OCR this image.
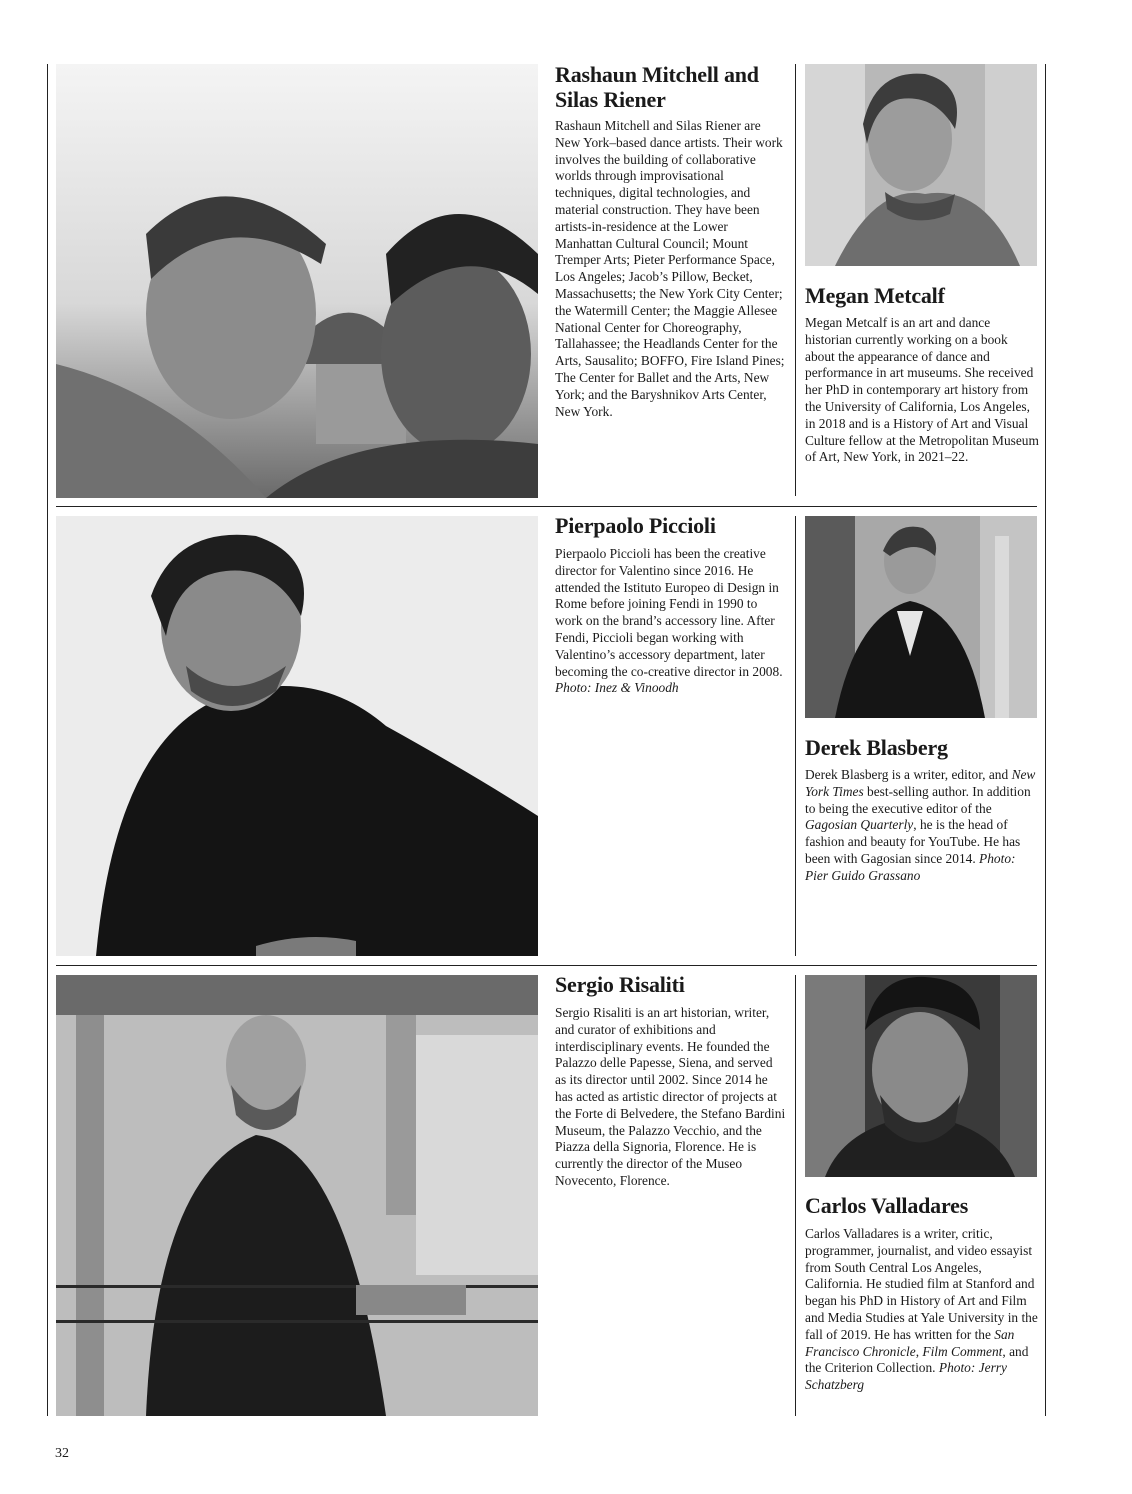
Rashaun Mitchell and Silas Riener

Rashaun Mitchell and Silas Riener are New York–based dance artists. Their work involves the building of collaborative worlds through improvisational techniques, digital technologies, and material construction. They have been artists-in-residence at the Lower Manhattan Cultural Council; Mount Tremper Arts; Pieter Performance Space, Los Angeles; Jacob’s Pillow, Becket, Massachusetts; the New York City Center; the Watermill Center; the Maggie Allesee National Center for Choreography, Tallahassee; the Headlands Center for the Arts, Sausalito; BOFFO, Fire Island Pines; The Center for Ballet and the Arts, New York; and the Baryshnikov Arts Center, New York.

Megan Metcalf

Megan Metcalf is an art and dance historian currently working on a book about the appearance of dance and performance in art museums. She received her PhD in contemporary art history from the University of California, Los Angeles, in 2018 and is a History of Art and Visual Culture fellow at the Metropolitan Museum of Art, New York, in 2021–22.

Pierpaolo Piccioli

Pierpaolo Piccioli has been the creative director for Valentino since 2016. He attended the Istituto Europeo di Design in Rome before joining Fendi in 1990 to work on the brand’s accessory line. After Fendi, Piccioli began working with Valentino’s accessory department, later becoming the co-creative director in 2008. Photo: Inez & Vinoodh

Derek Blasberg

Derek Blasberg is a writer, editor, and New York Times best-selling author. In addition to being the executive editor of the Gagosian Quarterly, he is the head of fashion and beauty for YouTube. He has been with Gagosian since 2014. Photo: Pier Guido Grassano

Sergio Risaliti

Sergio Risaliti is an art historian, writer, and curator of exhibitions and interdisciplinary events. He founded the Palazzo delle Papesse, Siena, and served as its director until 2002. Since 2014 he has acted as artistic director of projects at the Forte di Belvedere, the Stefano Bardini Museum, the Palazzo Vecchio, and the Piazza della Signoria, Florence. He is currently the director of the Museo Novecento, Florence.

Carlos Valladares

Carlos Valladares is a writer, critic, programmer, journalist, and video essayist from South Central Los Angeles, California. He studied film at Stanford and began his PhD in History of Art and Film and Media Studies at Yale University in the fall of 2019. He has written for the San Francisco Chronicle, Film Comment, and the Criterion Collection. Photo: Jerry Schatzberg

32
